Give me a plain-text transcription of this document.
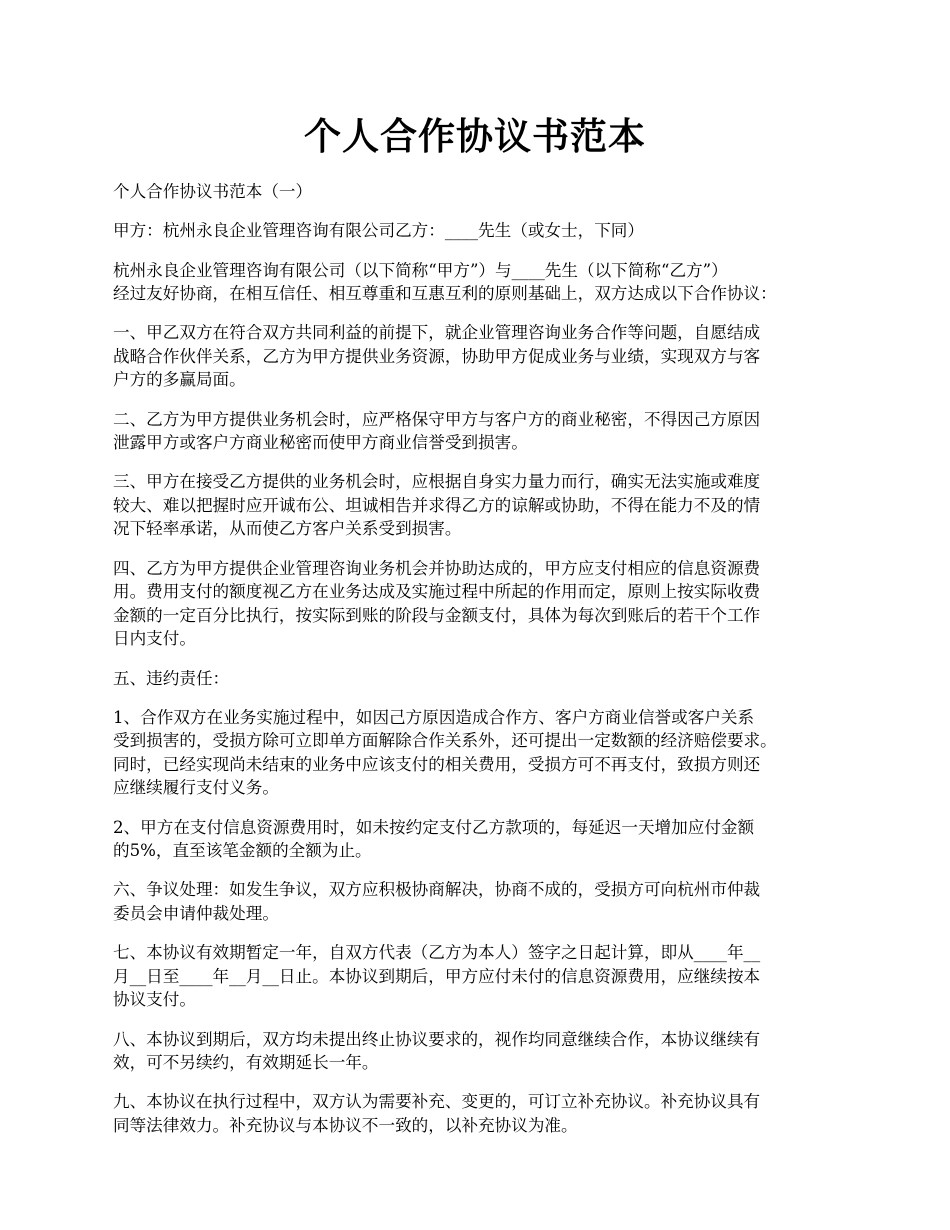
个人合作协议书范本
个人合作协议书范本（一）
甲方：杭州永良企业管理咨询有限公司乙方：____先生（或女士，下同）
杭州永良企业管理咨询有限公司（以下简称“甲方”）与____先生（以下简称“乙方”）
经过友好协商，在相互信任、相互尊重和互惠互利的原则基础上，双方达成以下合作协议：
一、甲乙双方在符合双方共同利益的前提下，就企业管理咨询业务合作等问题，自愿结成
战略合作伙伴关系，乙方为甲方提供业务资源，协助甲方促成业务与业绩，实现双方与客
户方的多赢局面。
二、乙方为甲方提供业务机会时，应严格保守甲方与客户方的商业秘密，不得因己方原因
泄露甲方或客户方商业秘密而使甲方商业信誉受到损害。
三、甲方在接受乙方提供的业务机会时，应根据自身实力量力而行，确实无法实施或难度
较大、难以把握时应开诚布公、坦诚相告并求得乙方的谅解或协助，不得在能力不及的情
况下轻率承诺，从而使乙方客户关系受到损害。
四、乙方为甲方提供企业管理咨询业务机会并协助达成的，甲方应支付相应的信息资源费
用。费用支付的额度视乙方在业务达成及实施过程中所起的作用而定，原则上按实际收费
金额的一定百分比执行，按实际到账的阶段与金额支付，具体为每次到账后的若干个工作
日内支付。
五、违约责任：
1、合作双方在业务实施过程中，如因己方原因造成合作方、客户方商业信誉或客户关系
受到损害的，受损方除可立即单方面解除合作关系外，还可提出一定数额的经济赔偿要求。
同时，已经实现尚未结束的业务中应该支付的相关费用，受损方可不再支付，致损方则还
应继续履行支付义务。
2、甲方在支付信息资源费用时，如未按约定支付乙方款项的，每延迟一天增加应付金额
的5%，直至该笔金额的全额为止。
六、争议处理：如发生争议，双方应积极协商解决，协商不成的，受损方可向杭州市仲裁
委员会申请仲裁处理。
七、本协议有效期暂定一年，自双方代表（乙方为本人）签字之日起计算，即从____年__
月__日至____年__月__日止。本协议到期后，甲方应付未付的信息资源费用，应继续按本
协议支付。
八、本协议到期后，双方均未提出终止协议要求的，视作均同意继续合作，本协议继续有
效，可不另续约，有效期延长一年。
九、本协议在执行过程中，双方认为需要补充、变更的，可订立补充协议。补充协议具有
同等法律效力。补充协议与本协议不一致的，以补充协议为准。
